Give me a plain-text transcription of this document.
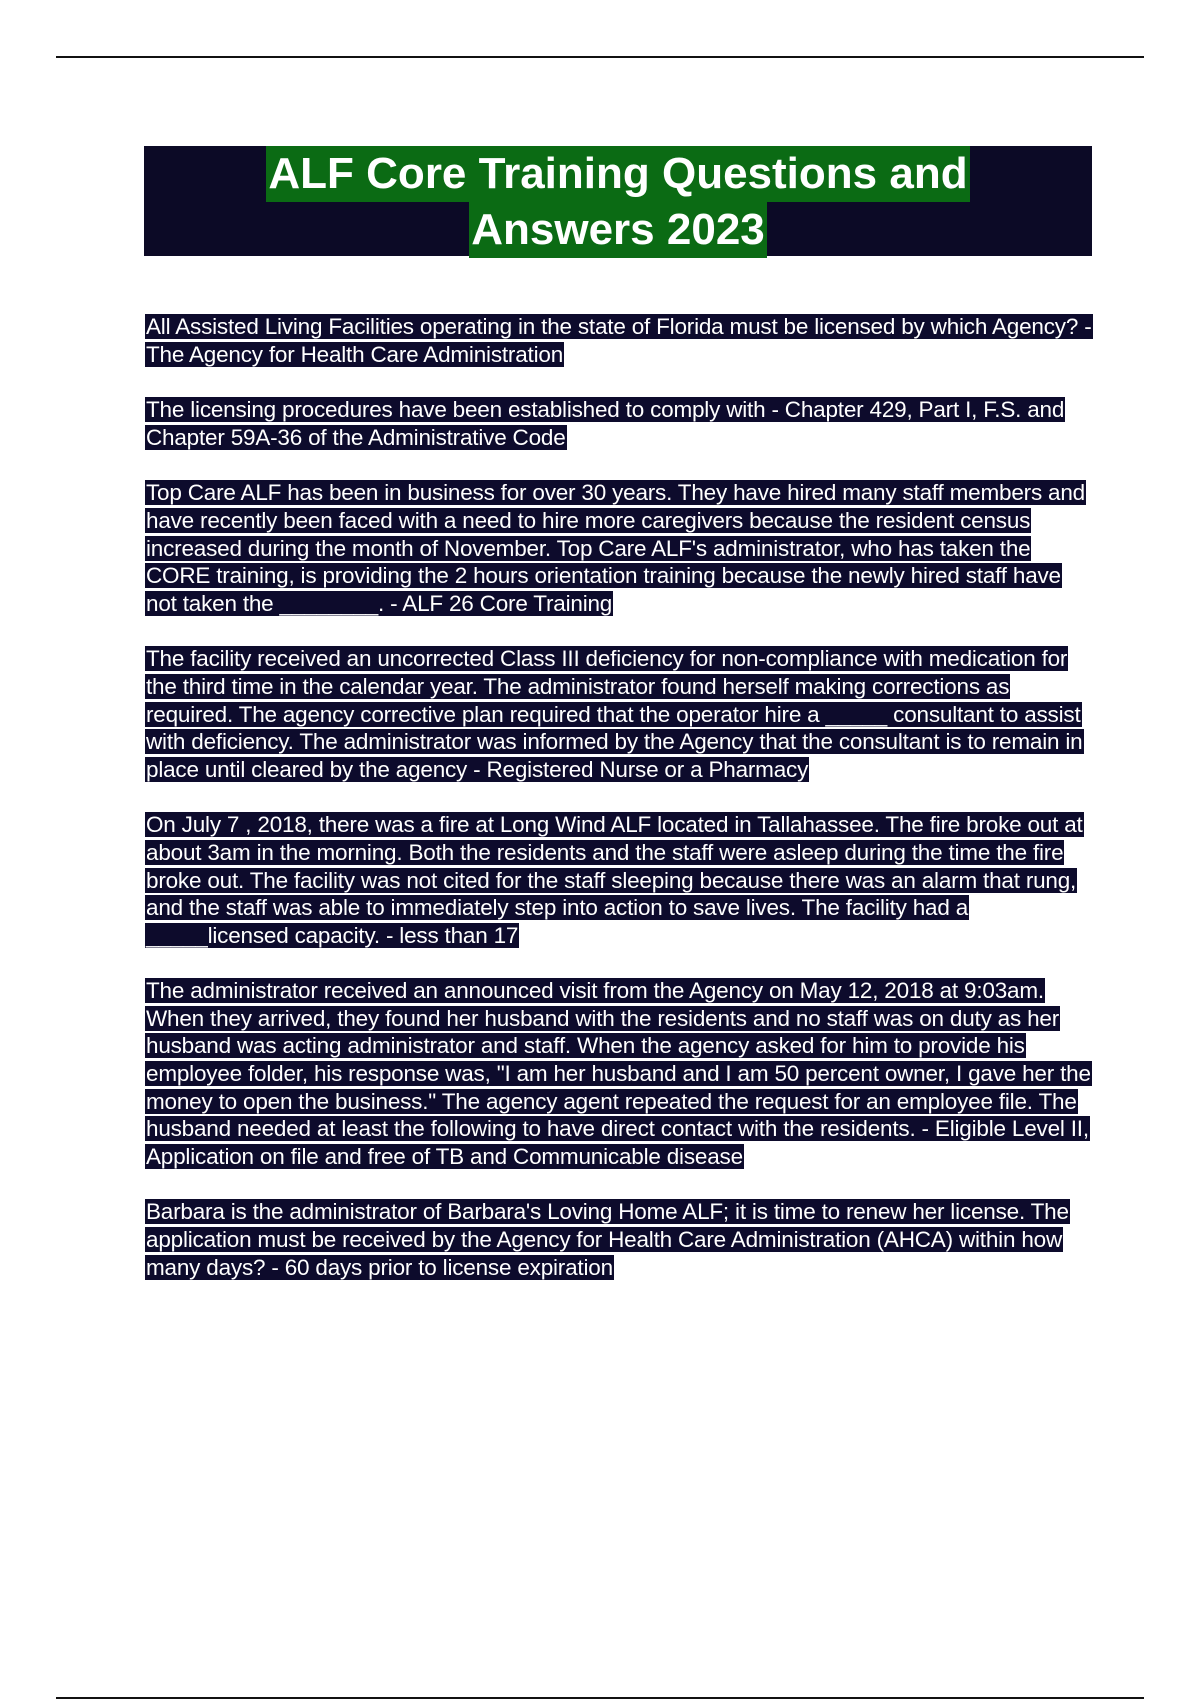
ALF Core Training Questions and
Answers 2023

All Assisted Living Facilities operating in the state of Florida must be licensed by which Agency? - The Agency for Health Care Administration

The licensing procedures have been established to comply with - Chapter 429, Part I, F.S. and Chapter 59A-36 of the Administrative Code

Top Care ALF has been in business for over 30 years. They have hired many staff members and have recently been faced with a need to hire more caregivers because the resident census increased during the month of November. Top Care ALF's administrator, who has taken the CORE training, is providing the 2 hours orientation training because the newly hired staff have not taken the ________. - ALF 26 Core Training

The facility received an uncorrected Class III deficiency for non-compliance with medication for the third time in the calendar year. The administrator found herself making corrections as required. The agency corrective plan required that the operator hire a _____ consultant to assist with deficiency. The administrator was informed by the Agency that the consultant is to remain in place until cleared by the agency - Registered Nurse or a Pharmacy

On July 7 , 2018, there was a fire at Long Wind ALF located in Tallahassee. The fire broke out at
about 3am in the morning. Both the residents and the staff were asleep during the time the fire broke out. The facility was not cited for the staff sleeping because there was an alarm that rung, and the staff was able to immediately step into action to save lives. The facility had a _____licensed capacity. - less than 17

The administrator received an announced visit from the Agency on May 12, 2018 at 9:03am. When they arrived, they found her husband with the residents and no staff was on duty as her husband was acting administrator and staff. When the agency asked for him to provide his employee folder, his response was, "I am her husband and I am 50 percent owner, I gave her the money to open the business." The agency agent repeated the request for an employee file. The husband needed at least the following to have direct contact with the residents. - Eligible Level II, Application on file and free of TB and Communicable disease

Barbara is the administrator of Barbara's Loving Home ALF; it is time to renew her license. The application must be received by the Agency for Health Care Administration (AHCA) within how many days? - 60 days prior to license expiration
